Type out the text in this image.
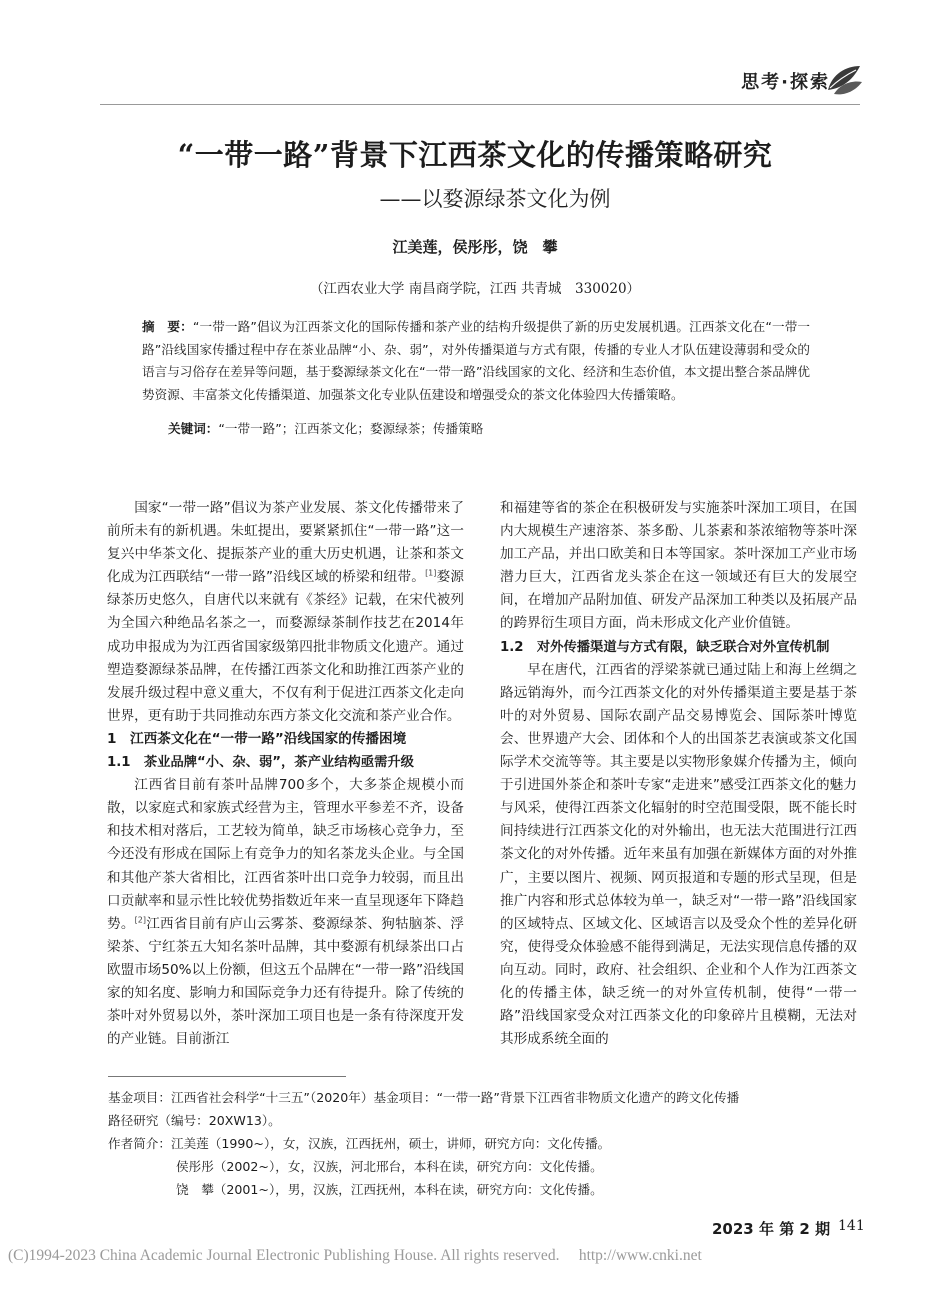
思考·探索
“一带一路”背景下江西茶文化的传播策略研究
——以婺源绿茶文化为例
江美莲，侯彤彤，饶　攀
（江西农业大学 南昌商学院，江西 共青城　330020）
摘　要：“一带一路”倡议为江西茶文化的国际传播和茶产业的结构升级提供了新的历史发展机遇。江西茶文化在“一带一路”沿线国家传播过程中存在茶业品牌“小、杂、弱”，对外传播渠道与方式有限，传播的专业人才队伍建设薄弱和受众的语言与习俗存在差异等问题，基于婺源绿茶文化在“一带一路”沿线国家的文化、经济和生态价值，本文提出整合茶品牌优势资源、丰富茶文化传播渠道、加强茶文化专业队伍建设和增强受众的茶文化体验四大传播策略。
关键词：“一带一路”；江西茶文化；婺源绿茶；传播策略

国家“一带一路”倡议为茶产业发展、茶文化传播带来了前所未有的新机遇。朱虹提出，要紧紧抓住“一带一路”这一复兴中华茶文化、提振茶产业的重大历史机遇，让茶和茶文化成为江西联结“一带一路”沿线区域的桥梁和纽带。[1]婺源绿茶历史悠久，自唐代以来就有《茶经》记载，在宋代被列为全国六种绝品名茶之一，而婺源绿茶制作技艺在2014年成功申报成为为江西省国家级第四批非物质文化遗产。通过塑造婺源绿茶品牌，在传播江西茶文化和助推江西茶产业的发展升级过程中意义重大，不仅有利于促进江西茶文化走向世界，更有助于共同推动东西方茶文化交流和茶产业合作。

1　江西茶文化在“一带一路”沿线国家的传播困境
1.1　茶业品牌“小、杂、弱”，茶产业结构亟需升级

江西省目前有茶叶品牌700多个，大多茶企规模小而散，以家庭式和家族式经营为主，管理水平参差不齐，设备和技术相对落后，工艺较为简单，缺乏市场核心竞争力，至今还没有形成在国际上有竞争力的知名茶龙头企业。与全国和其他产茶大省相比，江西省茶叶出口竞争力较弱，而且出口贡献率和显示性比较优势指数近年来一直呈现逐年下降趋势。[2]江西省目前有庐山云雾茶、婺源绿茶、狗牯脑茶、浮梁茶、宁红茶五大知名茶叶品牌，其中婺源有机绿茶出口占欧盟市场50%以上份额，但这五个品牌在“一带一路”沿线国家的知名度、影响力和国际竞争力还有待提升。除了传统的茶叶对外贸易以外，茶叶深加工项目也是一条有待深度开发的产业链。目前浙江

和福建等省的茶企在积极研发与实施茶叶深加工项目，在国内大规模生产速溶茶、茶多酚、儿茶素和茶浓缩物等茶叶深加工产品，并出口欧美和日本等国家。茶叶深加工产业市场潜力巨大，江西省龙头茶企在这一领域还有巨大的发展空间，在增加产品附加值、研发产品深加工种类以及拓展产品的跨界衍生项目方面，尚未形成文化产业价值链。

1.2　对外传播渠道与方式有限，缺乏联合对外宣传机制

早在唐代，江西省的浮梁茶就已通过陆上和海上丝绸之路远销海外，而今江西茶文化的对外传播渠道主要是基于茶叶的对外贸易、国际农副产品交易博览会、国际茶叶博览会、世界遗产大会、团体和个人的出国茶艺表演或茶文化国际学术交流等等。其主要是以实物形象媒介传播为主，倾向于引进国外茶企和茶叶专家“走进来”感受江西茶文化的魅力与风采，使得江西茶文化辐射的时空范围受限，既不能长时间持续进行江西茶文化的对外输出，也无法大范围进行江西茶文化的对外传播。近年来虽有加强在新媒体方面的对外推广，主要以图片、视频、网页报道和专题的形式呈现，但是推广内容和形式总体较为单一，缺乏对“一带一路”沿线国家的区域特点、区域文化、区域语言以及受众个性的差异化研究，使得受众体验感不能得到满足，无法实现信息传播的双向互动。同时，政府、社会组织、企业和个人作为江西茶文化的传播主体，缺乏统一的对外宣传机制，使得“一带一路”沿线国家受众对江西茶文化的印象碎片且模糊，无法对其形成系统全面的

基金项目：江西省社会科学“十三五”（2020年）基金项目：“一带一路”背景下江西省非物质文化遗产的跨文化传播
路径研究（编号：20XW13）。
作者简介：江美莲（1990~），女，汉族，江西抚州，硕士，讲师，研究方向：文化传播。
侯彤彤（2002~），女，汉族，河北邢台，本科在读，研究方向：文化传播。
饶　攀（2001~），男，汉族，江西抚州，本科在读，研究方向：文化传播。
2023 年 第 2 期 141
(C)1994-2023 China Academic Journal Electronic Publishing House. All rights reserved.　 http://www.cnki.net
